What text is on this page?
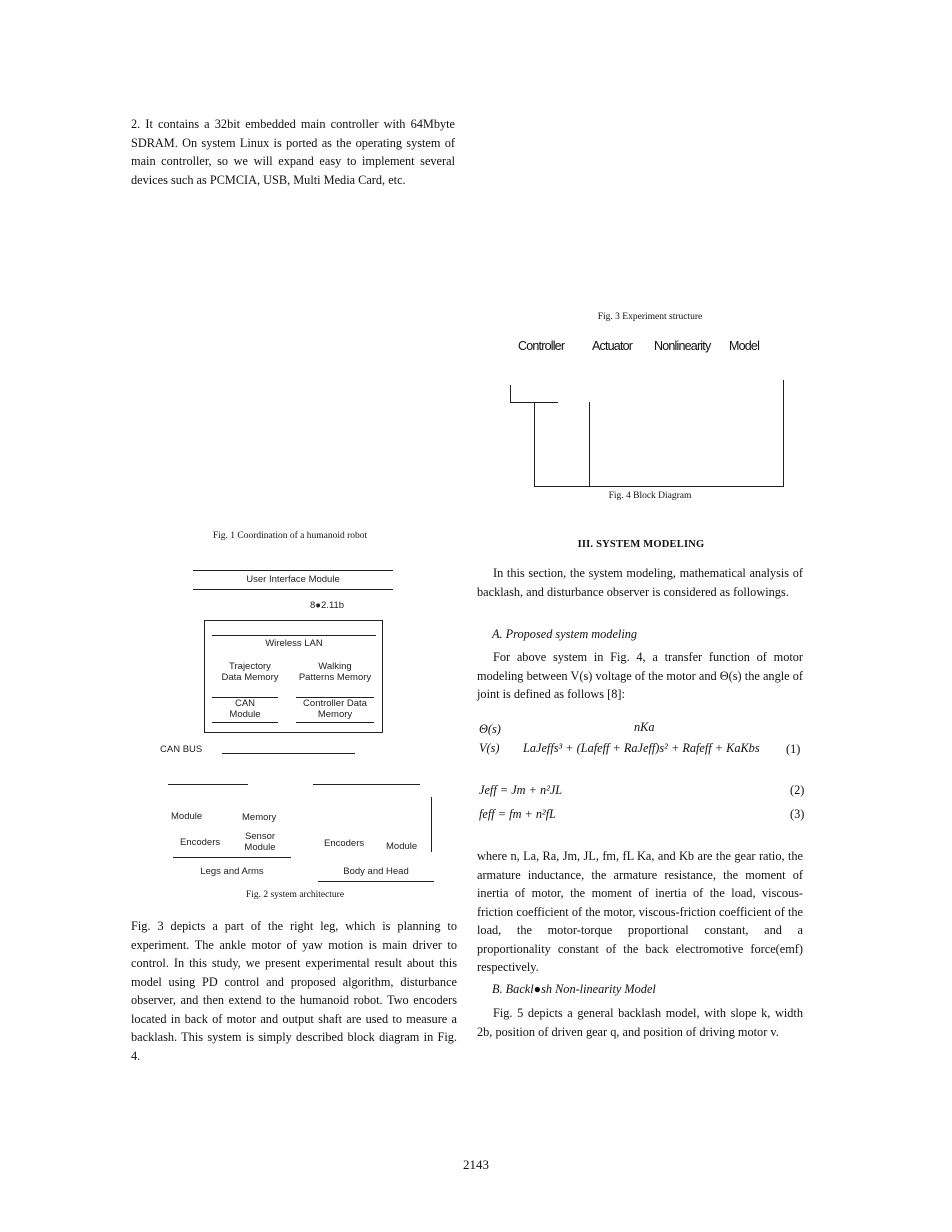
2. It contains a 32bit embedded main controller with 64Mbyte SDRAM. On system Linux is ported as the operating system of main controller, so we will expand easy to implement several devices such as PCMCIA, USB, Multi Media Card, etc.
Fig. 1 Coordination of a humanoid robot
User Interface Module
8●2.11b
Wireless LAN
Trajectory
Data Memory
Walking
Patterns Memory
CAN
Module
Controller Data
Memory
CAN BUS
Module	Memory
Encoders
Sensor
Module	Encoders Module
Legs and Arms	Body and Head
Fig. 2 system architecture
Fig. 3 depicts a part of the right leg, which is planning to experiment. The ankle motor of yaw motion is main driver to control. In this study, we present experimental result about this model using PD control and proposed algorithm, disturbance observer, and then extend to the humanoid robot. Two encoders located in back of motor and output shaft are used to measure a backlash. This system is simply described block diagram in Fig. 4.
Fig. 3 Experiment structure
Controller Actuator Nonlinearity Model
Fig. 4 Block Diagram
III. SYSTEM MODELING
In this section, the system modeling, mathematical analysis of backlash, and disturbance observer is considered as followings.
A. Proposed system modeling
For above system in Fig. 4, a transfer function of motor modeling between V(s) voltage of the motor and Θ(s) the angle of joint is defined as follows [8]:
Θ(s)	nKa
V(s) LaJeffs³ + (Lafeff + RaJeff)s² + Rafeff + KaKbs (1)
Jeff = Jm + n²JL	(2)
feff = fm + n²fL	(3)
where n, La, Ra, Jm, JL, fm, fL Ka, and Kb are the gear ratio, the armature inductance, the armature resistance, the moment of inertia of motor, the moment of inertia of the load, viscous-friction coefficient of the motor, viscous-friction coefficient of the load, the motor-torque proportional constant, and a proportionality constant of the back electromotive force(emf) respectively.
B. Backl●sh Non-linearity Model
Fig. 5 depicts a general backlash model, with slope k, width 2b, position of driven gear q, and position of driving motor v.
2143
